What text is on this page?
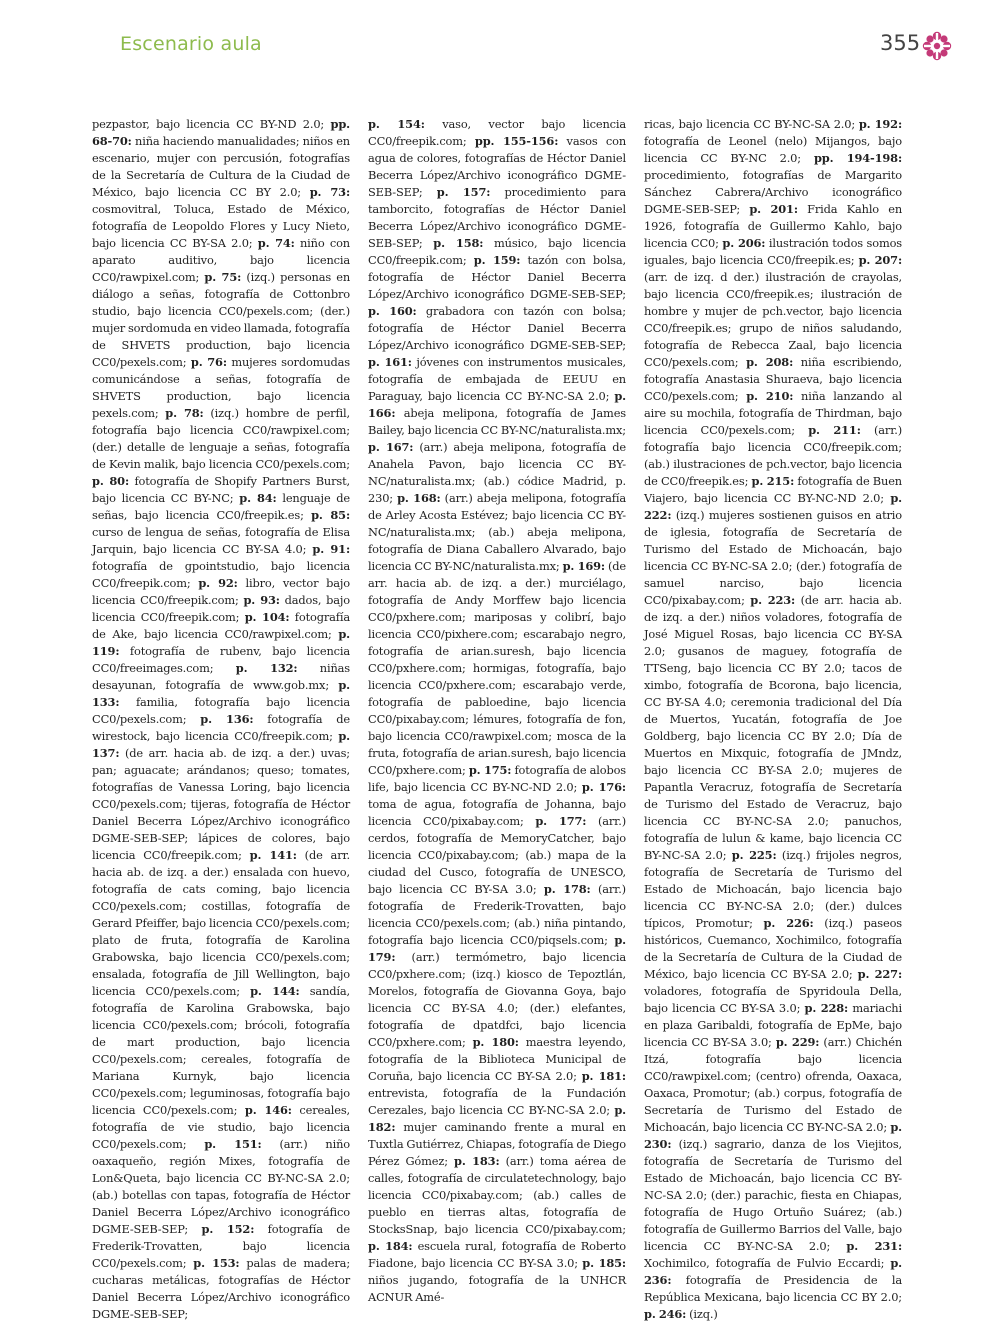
Escenario aula	355
pezpastor, bajo licencia CC BY-ND 2.0; pp. 68-70: niña haciendo manualidades; niños en escenario, mujer con percusión, fotografías de la Secretaría de Cultura de la Ciudad de México, bajo licencia CC BY 2.0; p. 73: cosmovitral, Toluca, Estado de México, fotografía de Leopoldo Flores y Lucy Nieto, bajo licencia CC BY-SA 2.0; p. 74: niño con aparato auditivo, bajo licencia CC0/rawpixel.com; p. 75: (izq.) personas en diálogo a señas, fotografía de Cottonbro studio, bajo licencia CC0/pexels.com; (der.) mujer sordomuda en video llamada, fotografía de SHVETS production, bajo licencia CC0/pexels.com; p. 76: mujeres sordomudas comunicándose a señas, fotografía de SHVETS production, bajo licencia pexels.com; p. 78: (izq.) hombre de perfil, fotografía bajo licencia CC0/rawpixel.com; (der.) detalle de lenguaje a señas, fotografía de Kevin malik, bajo licencia CC0/pexels.com; p. 80: fotografía de Shopify Partners Burst, bajo licencia CC BY-NC; p. 84: lenguaje de señas, bajo licencia CC0/freepik.es; p. 85: curso de lengua de señas, fotografía de Elisa Jarquin, bajo licencia CC BY-SA 4.0; p. 91: fotografía de gpointstudio, bajo licencia CC0/freepik.com; p. 92: libro, vector bajo licencia CC0/freepik.com; p. 93: dados, bajo licencia CC0/freepik.com; p. 104: fotografía de Ake, bajo licencia CC0/rawpixel.com; p. 119: fotografía de rubenv, bajo licencia CC0/freeimages.com; p. 132: niñas desayunan, fotografía de www.gob.mx; p. 133: familia, fotografía bajo licencia CC0/pexels.com; p. 136: fotografía de wirestock, bajo licencia CC0/freepik.com; p. 137: (de arr. hacia ab. de izq. a der.) uvas; pan; aguacate; arándanos; queso; tomates, fotografías de Vanessa Loring, bajo licencia CC0/pexels.com; tijeras, fotografía de Héctor Daniel Becerra López/Archivo iconográfico DGME-SEB-SEP; lápices de colores, bajo licencia CC0/freepik.com; p. 141: (de arr. hacia ab. de izq. a der.) ensalada con huevo, fotografía de cats coming, bajo licencia CC0/pexels.com; costillas, fotografía de Gerard Pfeiffer, bajo licencia CC0/pexels.com; plato de fruta, fotografía de Karolina Grabowska, bajo licencia CC0/pexels.com; ensalada, fotografía de Jill Wellington, bajo licencia CC0/pexels.com; p. 144: sandía, fotografía de Karolina Grabowska, bajo licencia CC0/pexels.com; brócoli, fotografía de mart production, bajo licencia CC0/pexels.com; cereales, fotografía de Mariana Kurnyk, bajo licencia CC0/pexels.com; leguminosas, fotografía bajo licencia CC0/pexels.com; p. 146: cereales, fotografía de vie studio, bajo licencia CC0/pexels.com; p. 151: (arr.) niño oaxaqueño, región Mixes, fotografía de Lon&Queta, bajo licencia CC BY-NC-SA 2.0; (ab.) botellas con tapas, fotografía de Héctor Daniel Becerra López/Archivo iconográfico DGME-SEB-SEP; p. 152: fotografía de Frederik-Trovatten, bajo licencia CC0/pexels.com; p. 153: palas de madera; cucharas metálicas, fotografías de Héctor Daniel Becerra López/Archivo iconográfico DGME-SEB-SEP;
p. 154: vaso, vector bajo licencia CC0/freepik.com; pp. 155-156: vasos con agua de colores, fotografías de Héctor Daniel Becerra López/Archivo iconográfico DGME-SEB-SEP; p. 157: procedimiento para tamborcito, fotografías de Héctor Daniel Becerra López/Archivo iconográfico DGME-SEB-SEP; p. 158: músico, bajo licencia CC0/freepik.com; p. 159: tazón con bolsa, fotografía de Héctor Daniel Becerra López/Archivo iconográfico DGME-SEB-SEP; p. 160: grabadora con tazón con bolsa; fotografía de Héctor Daniel Becerra López/Archivo iconográfico DGME-SEB-SEP; p. 161: jóvenes con instrumentos musicales, fotografía de embajada de EEUU en Paraguay, bajo licencia CC BY-NC-SA 2.0; p. 166: abeja melipona, fotografía de James Bailey, bajo licencia CC BY-NC/naturalista.mx; p. 167: (arr.) abeja melipona, fotografía de Anahela Pavon, bajo licencia CC BY-NC/naturalista.mx; (ab.) códice Madrid, p. 230; p. 168: (arr.) abeja melipona, fotografía de Arley Acosta Estévez; bajo licencia CC BY-NC/naturalista.mx; (ab.) abeja melipona, fotografía de Diana Caballero Alvarado, bajo licencia CC BY-NC/naturalista.mx; p. 169: (de arr. hacia ab. de izq. a der.) murciélago, fotografía de Andy Morffew bajo licencia CC0/pxhere.com; mariposas y colibrí, bajo licencia CC0/pixhere.com; escarabajo negro, fotografía de arian.suresh, bajo licencia CC0/pxhere.com; hormigas, fotografía, bajo licencia CC0/pxhere.com; escarabajo verde, fotografía de pabloedine, bajo licencia CC0/pixabay.com; lémures, fotografía de fon, bajo licencia CC0/rawpixel.com; mosca de la fruta, fotografía de arian.suresh, bajo licencia CC0/pxhere.com; p. 175: fotografía de alobos life, bajo licencia CC BY-NC-ND 2.0; p. 176: toma de agua, fotografía de Johanna, bajo licencia CC0/pixabay.com; p. 177: (arr.) cerdos, fotografía de MemoryCatcher, bajo licencia CC0/pixabay.com; (ab.) mapa de la ciudad del Cusco, fotografía de UNESCO, bajo licencia CC BY-SA 3.0; p. 178: (arr.) fotografía de Frederik-Trovatten, bajo licencia CC0/pexels.com; (ab.) niña pintando, fotografía bajo licencia CC0/piqsels.com; p. 179: (arr.) termómetro, bajo licencia CC0/pxhere.com; (izq.) kiosco de Tepoztlán, Morelos, fotografía de Giovanna Goya, bajo licencia CC BY-SA 4.0; (der.) elefantes, fotografía de dpatdfci, bajo licencia CC0/pxhere.com; p. 180: maestra leyendo, fotografía de la Biblioteca Municipal de Coruña, bajo licencia CC BY-SA 2.0; p. 181: entrevista, fotografía de la Fundación Cerezales, bajo licencia CC BY-NC-SA 2.0; p. 182: mujer caminando frente a mural en Tuxtla Gutiérrez, Chiapas, fotografía de Diego Pérez Gómez; p. 183: (arr.) toma aérea de calles, fotografía de circulatetechnology, bajo licencia CC0/pixabay.com; (ab.) calles de pueblo en tierras altas, fotografía de StocksSnap, bajo licencia CC0/pixabay.com; p. 184: escuela rural, fotografía de Roberto Fiadone, bajo licencia CC BY-SA 3.0; p. 185: niños jugando, fotografía de la UNHCR ACNUR Amé-
ricas, bajo licencia CC BY-NC-SA 2.0; p. 192: fotografía de Leonel (nelo) Mijangos, bajo licencia CC BY-NC 2.0; pp. 194-198: procedimiento, fotografías de Margarito Sánchez Cabrera/Archivo iconográfico DGME-SEB-SEP; p. 201: Frida Kahlo en 1926, fotografía de Guillermo Kahlo, bajo licencia CC0; p. 206: ilustración todos somos iguales, bajo licencia CC0/freepik.es; p. 207: (arr. de izq. d der.) ilustración de crayolas, bajo licencia CC0/freepik.es; ilustración de hombre y mujer de pch.vector, bajo licencia CC0/freepik.es; grupo de niños saludando, fotografía de Rebecca Zaal, bajo licencia CC0/pexels.com; p. 208: niña escribiendo, fotografía Anastasia Shuraeva, bajo licencia CC0/pexels.com; p. 210: niña lanzando al aire su mochila, fotografía de Thirdman, bajo licencia CC0/pexels.com; p. 211: (arr.) fotografía bajo licencia CC0/freepik.com; (ab.) ilustraciones de pch.vector, bajo licencia de CC0/freepik.es; p. 215: fotografía de Buen Viajero, bajo licencia CC BY-NC-ND 2.0; p. 222: (izq.) mujeres sostienen guisos en atrio de iglesia, fotografía de Secretaría de Turismo del Estado de Michoacán, bajo licencia CC BY-NC-SA 2.0; (der.) fotografía de samuel narciso, bajo licencia CC0/pixabay.com; p. 223: (de arr. hacia ab. de izq. a der.) niños voladores, fotografía de José Miguel Rosas, bajo licencia CC BY-SA 2.0; gusanos de maguey, fotografía de TTSeng, bajo licencia CC BY 2.0; tacos de ximbo, fotografía de Bcorona, bajo licencia, CC BY-SA 4.0; ceremonia tradicional del Día de Muertos, Yucatán, fotografía de Joe Goldberg, bajo licencia CC BY 2.0; Día de Muertos en Mixquic, fotografía de JMndz, bajo licencia CC BY-SA 2.0; mujeres de Papantla Veracruz, fotografía de Secretaría de Turismo del Estado de Veracruz, bajo licencia CC BY-NC-SA 2.0; panuchos, fotografía de lulun & kame, bajo licencia CC BY-NC-SA 2.0; p. 225: (izq.) frijoles negros, fotografía de Secretaría de Turismo del Estado de Michoacán, bajo licencia bajo licencia CC BY-NC-SA 2.0; (der.) dulces típicos, Promotur; p. 226: (izq.) paseos históricos, Cuemanco, Xochimilco, fotografía de la Secretaría de Cultura de la Ciudad de México, bajo licencia CC BY-SA 2.0; p. 227: voladores, fotografía de Spyridoula Della, bajo licencia CC BY-SA 3.0; p. 228: mariachi en plaza Garibaldi, fotografía de EpMe, bajo licencia CC BY-SA 3.0; p. 229: (arr.) Chichén Itzá, fotografía bajo licencia CC0/rawpixel.com; (centro) ofrenda, Oaxaca, Oaxaca, Promotur; (ab.) corpus, fotografía de Secretaría de Turismo del Estado de Michoacán, bajo licencia CC BY-NC-SA 2.0; p. 230: (izq.) sagrario, danza de los Viejitos, fotografía de Secretaría de Turismo del Estado de Michoacán, bajo licencia CC BY-NC-SA 2.0; (der.) parachic, fiesta en Chiapas, fotografía de Hugo Ortuño Suárez; (ab.) fotografía de Guillermo Barrios del Valle, bajo licencia CC BY-NC-SA 2.0; p. 231: Xochimilco, fotografía de Fulvio Eccardi; p. 236: fotografía de Presidencia de la República Mexicana, bajo licencia CC BY 2.0; p. 246: (izq.)
